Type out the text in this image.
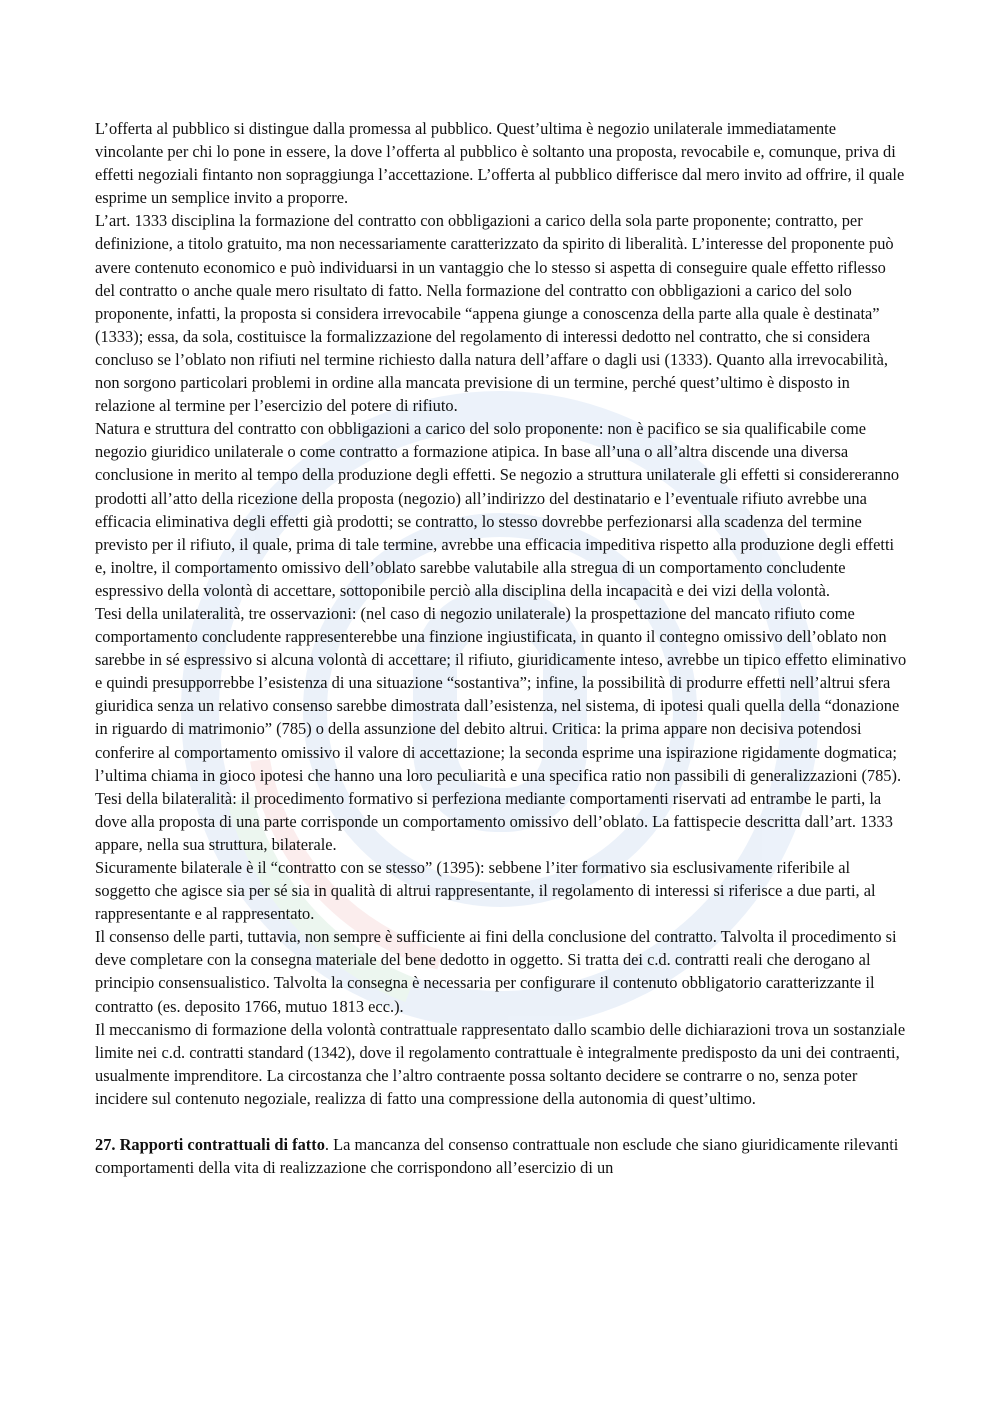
L’offerta al pubblico si distingue dalla promessa al pubblico. Quest’ultima è negozio unilaterale immediatamente vincolante per chi lo pone in essere, la dove l’offerta al pubblico è soltanto una proposta, revocabile e, comunque, priva di effetti negoziali fintanto non sopraggiunga l’accettazione. L’offerta al pubblico differisce dal mero invito ad offrire, il quale esprime un semplice invito a proporre.

L’art. 1333 disciplina la formazione del contratto con obbligazioni a carico della sola parte proponente; contratto, per definizione, a titolo gratuito, ma non necessariamente caratterizzato da spirito di liberalità. L’interesse del proponente può avere contenuto economico e può individuarsi in un vantaggio che lo stesso si aspetta di conseguire quale effetto riflesso del contratto o anche quale mero risultato di fatto. Nella formazione del contratto con obbligazioni a carico del solo proponente, infatti, la proposta si considera irrevocabile “appena giunge a conoscenza della parte alla quale è destinata” (1333); essa, da sola, costituisce la formalizzazione del regolamento di interessi dedotto nel contratto, che si considera concluso se l’oblato non rifiuti nel termine richiesto dalla natura dell’affare o dagli usi (1333). Quanto alla irrevocabilità, non sorgono particolari problemi in ordine alla mancata previsione di un termine, perché quest’ultimo è disposto in relazione al termine per l’esercizio del potere di rifiuto.

Natura e struttura del contratto con obbligazioni a carico del solo proponente: non è pacifico se sia qualificabile come negozio giuridico unilaterale o come contratto a formazione atipica. In base all’una o all’altra discende una diversa conclusione in merito al tempo della produzione degli effetti. Se negozio a struttura unilaterale gli effetti si considereranno prodotti all’atto della ricezione della proposta (negozio) all’indirizzo del destinatario e l’eventuale rifiuto avrebbe una efficacia eliminativa degli effetti già prodotti; se contratto, lo stesso dovrebbe perfezionarsi alla scadenza del termine previsto per il rifiuto, il quale, prima di tale termine, avrebbe una efficacia impeditiva rispetto alla produzione degli effetti e, inoltre, il comportamento omissivo dell’oblato sarebbe valutabile alla stregua di un comportamento concludente espressivo della volontà di accettare, sottoponibile perciò alla disciplina della incapacità e dei vizi della volontà.

Tesi della unilateralità, tre osservazioni: (nel caso di negozio unilaterale) la prospettazione del mancato rifiuto come comportamento concludente rappresenterebbe una finzione ingiustificata, in quanto il contegno omissivo dell’oblato non sarebbe in sé espressivo si alcuna volontà di accettare; il rifiuto, giuridicamente inteso, avrebbe un tipico effetto eliminativo e quindi presupporrebbe l’esistenza di una situazione “sostantiva”; infine, la possibilità di produrre effetti nell’altrui sfera giuridica senza un relativo consenso sarebbe dimostrata dall’esistenza, nel sistema, di ipotesi quali quella della “donazione in riguardo di matrimonio” (785) o della assunzione del debito altrui. Critica: la prima appare non decisiva potendosi conferire al comportamento omissivo il valore di accettazione; la seconda esprime una ispirazione rigidamente dogmatica; l’ultima chiama in gioco ipotesi che hanno una loro peculiarità e una specifica ratio non passibili di generalizzazioni (785).

Tesi della bilateralità: il procedimento formativo si perfeziona mediante comportamenti riservati ad entrambe le parti, la dove alla proposta di una parte corrisponde un comportamento omissivo dell’oblato. La fattispecie descritta dall’art. 1333 appare, nella sua struttura, bilaterale.

Sicuramente bilaterale è il “contratto con se stesso” (1395): sebbene l’iter formativo sia esclusivamente riferibile al soggetto che agisce sia per sé sia in qualità di altrui rappresentante, il regolamento di interessi si riferisce a due parti, al rappresentante e al rappresentato.

Il consenso delle parti, tuttavia, non sempre è sufficiente ai fini della conclusione del contratto. Talvolta il procedimento si deve completare con la consegna materiale del bene dedotto in oggetto. Si tratta dei c.d. contratti reali che derogano al principio consensualistico. Talvolta la consegna è necessaria per configurare il contenuto obbligatorio caratterizzante il contratto (es. deposito 1766, mutuo 1813 ecc.).

Il meccanismo di formazione della volontà contrattuale rappresentato dallo scambio delle dichiarazioni trova un sostanziale limite nei c.d. contratti standard (1342), dove il regolamento contrattuale è integralmente predisposto da uni dei contraenti, usualmente imprenditore. La circostanza che l’altro contraente possa soltanto decidere se contrarre o no, senza poter incidere sul contenuto negoziale, realizza di fatto una compressione della autonomia di quest’ultimo.

27. Rapporti contrattuali di fatto. La mancanza del consenso contrattuale non esclude che siano giuridicamente rilevanti comportamenti della vita di realizzazione che corrispondono all’esercizio di un
